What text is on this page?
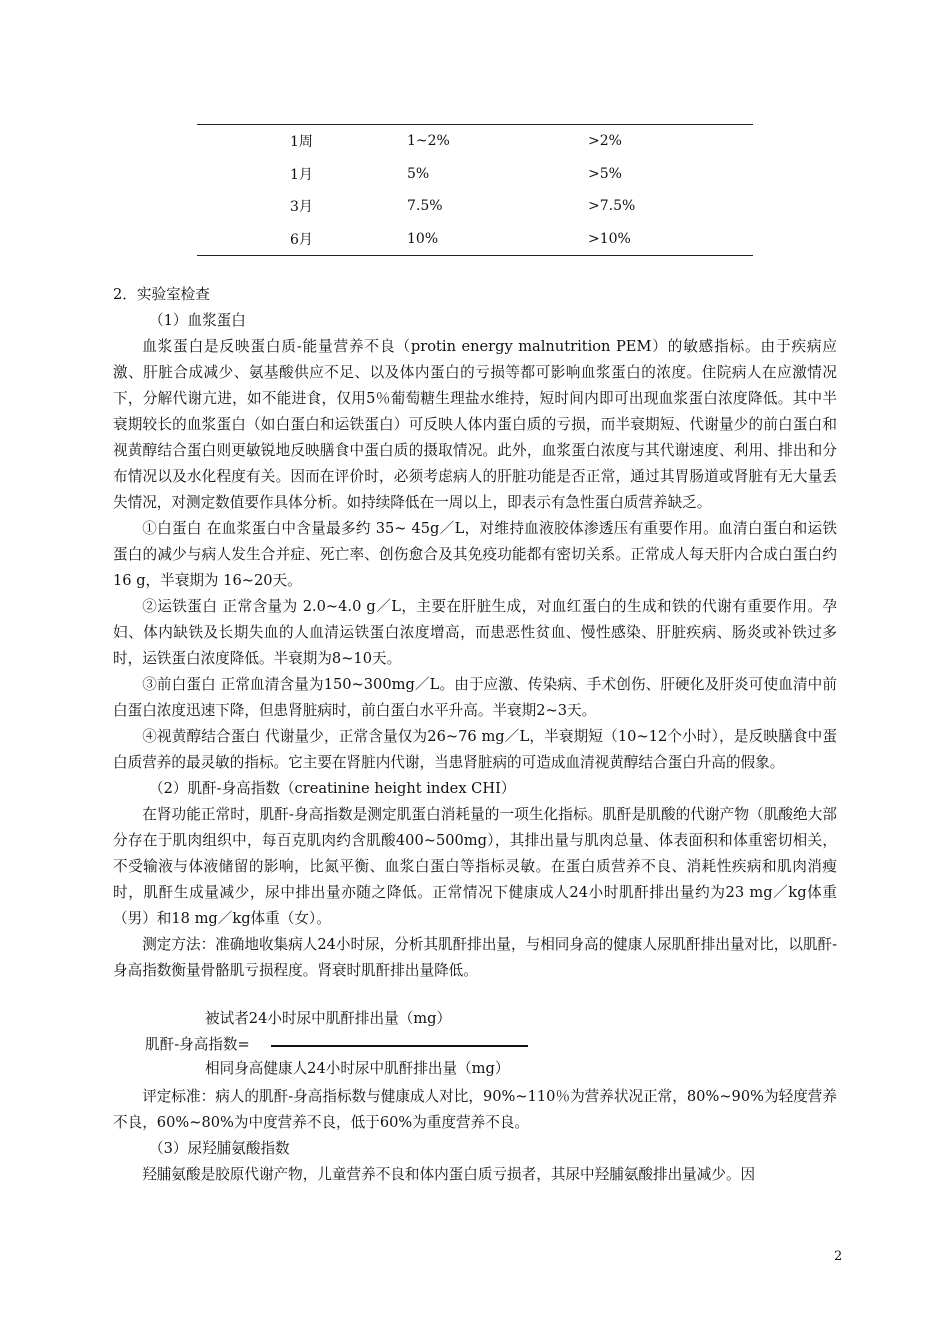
1周	1~2%	>2%
1月	5%	>5%
3月	7.5%	>7.5%
6月	10%	>10%

2．实验室检查

（1）血浆蛋白

血浆蛋白是反映蛋白质-能量营养不良（protin energy malnutrition PEM）的敏感指标。由于疾病应激、肝脏合成减少、氨基酸供应不足、以及体内蛋白的亏损等都可影响血浆蛋白的浓度。住院病人在应激情况下，分解代谢亢进，如不能进食，仅用5％葡萄糖生理盐水维持，短时间内即可出现血浆蛋白浓度降低。其中半衰期较长的血浆蛋白（如白蛋白和运铁蛋白）可反映人体内蛋白质的亏损，而半衰期短、代谢量少的前白蛋白和视黄醇结合蛋白则更敏锐地反映膳食中蛋白质的摄取情况。此外，血浆蛋白浓度与其代谢速度、利用、排出和分布情况以及水化程度有关。因而在评价时，必须考虑病人的肝脏功能是否正常，通过其胃肠道或肾脏有无大量丢失情况，对测定数值要作具体分析。如持续降低在一周以上，即表示有急性蛋白质营养缺乏。

①白蛋白 在血浆蛋白中含量最多约 35~ 45g／L，对维持血液胶体渗透压有重要作用。血清白蛋白和运铁蛋白的减少与病人发生合并症、死亡率、创伤愈合及其免疫功能都有密切关系。正常成人每天肝内合成白蛋白约 16 g，半衰期为 16~20天。

②运铁蛋白 正常含量为 2.0~4.0 g／L，主要在肝脏生成，对血红蛋白的生成和铁的代谢有重要作用。孕妇、体内缺铁及长期失血的人血清运铁蛋白浓度增高，而患恶性贫血、慢性感染、肝脏疾病、肠炎或补铁过多时，运铁蛋白浓度降低。半衰期为8~10天。

③前白蛋白 正常血清含量为150~300mg／L。由于应激、传染病、手术创伤、肝硬化及肝炎可使血清中前白蛋白浓度迅速下降，但患肾脏病时，前白蛋白水平升高。半衰期2~3天。

④视黄醇结合蛋白 代谢量少，正常含量仅为26~76 mg／L，半衰期短（10~12个小时），是反映膳食中蛋白质营养的最灵敏的指标。它主要在肾脏内代谢，当患肾脏病的可造成血清视黄醇结合蛋白升高的假象。

（2）肌酐-身高指数（creatinine height index CHI）

在肾功能正常时，肌酐-身高指数是测定肌蛋白消耗量的一项生化指标。肌酐是肌酸的代谢产物（肌酸绝大部分存在于肌肉组织中，每百克肌肉约含肌酸400~500mg），其排出量与肌肉总量、体表面积和体重密切相关，不受输液与体液储留的影响，比氮平衡、血浆白蛋白等指标灵敏。在蛋白质营养不良、消耗性疾病和肌肉消瘦时，肌酐生成量减少，尿中排出量亦随之降低。正常情况下健康成人24小时肌酐排出量约为23 mg／kg体重（男）和18 mg／kg体重（女）。

测定方法：准确地收集病人24小时尿，分析其肌酐排出量，与相同身高的健康人尿肌酐排出量对比，以肌酐-身高指数衡量骨骼肌亏损程度。肾衰时肌酐排出量降低。

被试者24小时尿中肌酐排出量（mg）
肌酐-身高指数=
相同身高健康人24小时尿中肌酐排出量（mg）

评定标准：病人的肌酐-身高指标数与健康成人对比，90%~110％为营养状况正常，80%~90%为轻度营养不良，60%~80%为中度营养不良，低于60%为重度营养不良。

（3）尿羟脯氨酸指数

羟脯氨酸是胶原代谢产物，儿童营养不良和体内蛋白质亏损者，其尿中羟脯氨酸排出量减少。因

2
